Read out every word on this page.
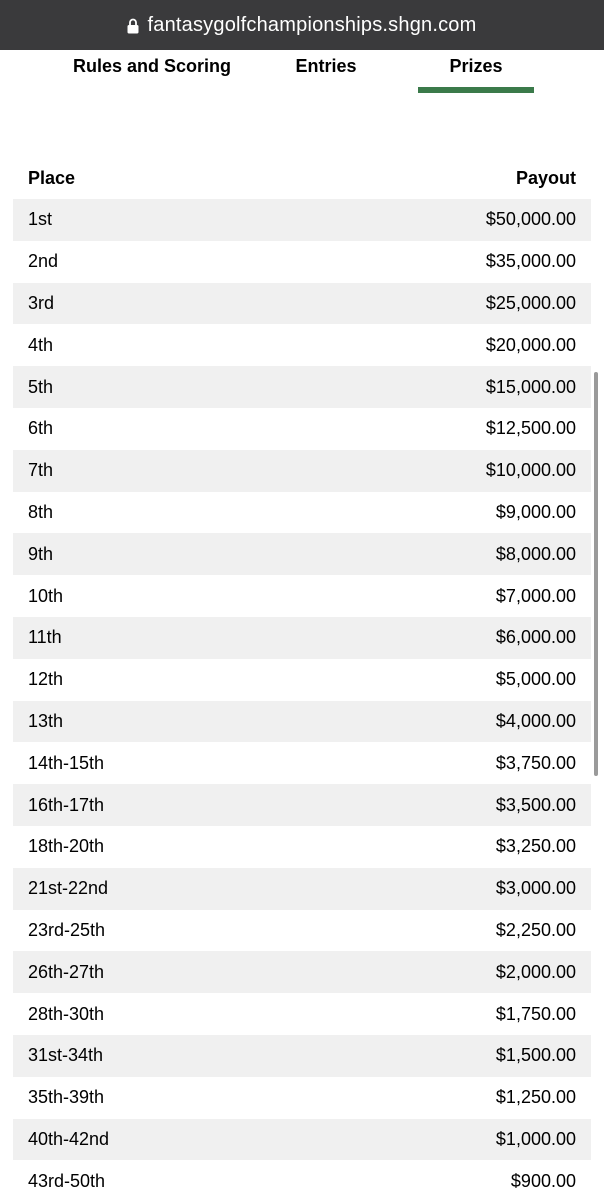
fantasygolfchampionships.shgn.com
Rules and Scoring	Entries	Prizes
Place	Payout
1st	$50,000.00
2nd	$35,000.00
3rd	$25,000.00
4th	$20,000.00
5th	$15,000.00
6th	$12,500.00
7th	$10,000.00
8th	$9,000.00
9th	$8,000.00
10th	$7,000.00
11th	$6,000.00
12th	$5,000.00
13th	$4,000.00
14th-15th	$3,750.00
16th-17th	$3,500.00
18th-20th	$3,250.00
21st-22nd	$3,000.00
23rd-25th	$2,250.00
26th-27th	$2,000.00
28th-30th	$1,750.00
31st-34th	$1,500.00
35th-39th	$1,250.00
40th-42nd	$1,000.00
43rd-50th	$900.00
